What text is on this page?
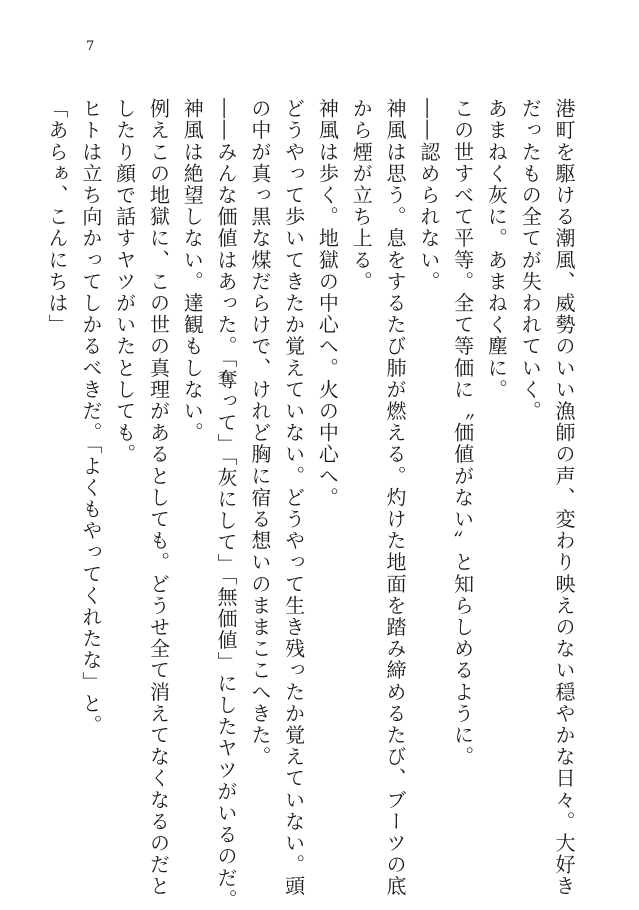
7
港町を駆ける潮風、威勢のいい漁師の声、変わり映えのない穏やかな日々。大好き
だったもの全てが失われていく。
あまねく灰に。あまねく塵に。
この世すべて平等。全て等価に〝価値がない〟と知らしめるように。
――認められない。
神風は思う。息をするたび肺が燃える。灼けた地面を踏み締めるたび、ブーツの底
から煙が立ち上る。
神風は歩く。地獄の中心へ。火の中心へ。
どうやって歩いてきたか覚えていない。どうやって生き残ったか覚えていない。頭
の中が真っ黒な煤だらけで、けれど胸に宿る想いのままここへきた。
――みんな価値はあった。「奪って」「灰にして」「無価値」にしたヤツがいるのだ。
神風は絶望しない。達観もしない。
例えこの地獄に、この世の真理があるとしても。どうせ全て消えてなくなるのだと
したり顔で話すヤツがいたとしても。
ヒトは立ち向かってしかるべきだ。「よくもやってくれたな」と。
「あらぁ、こんにちは」
